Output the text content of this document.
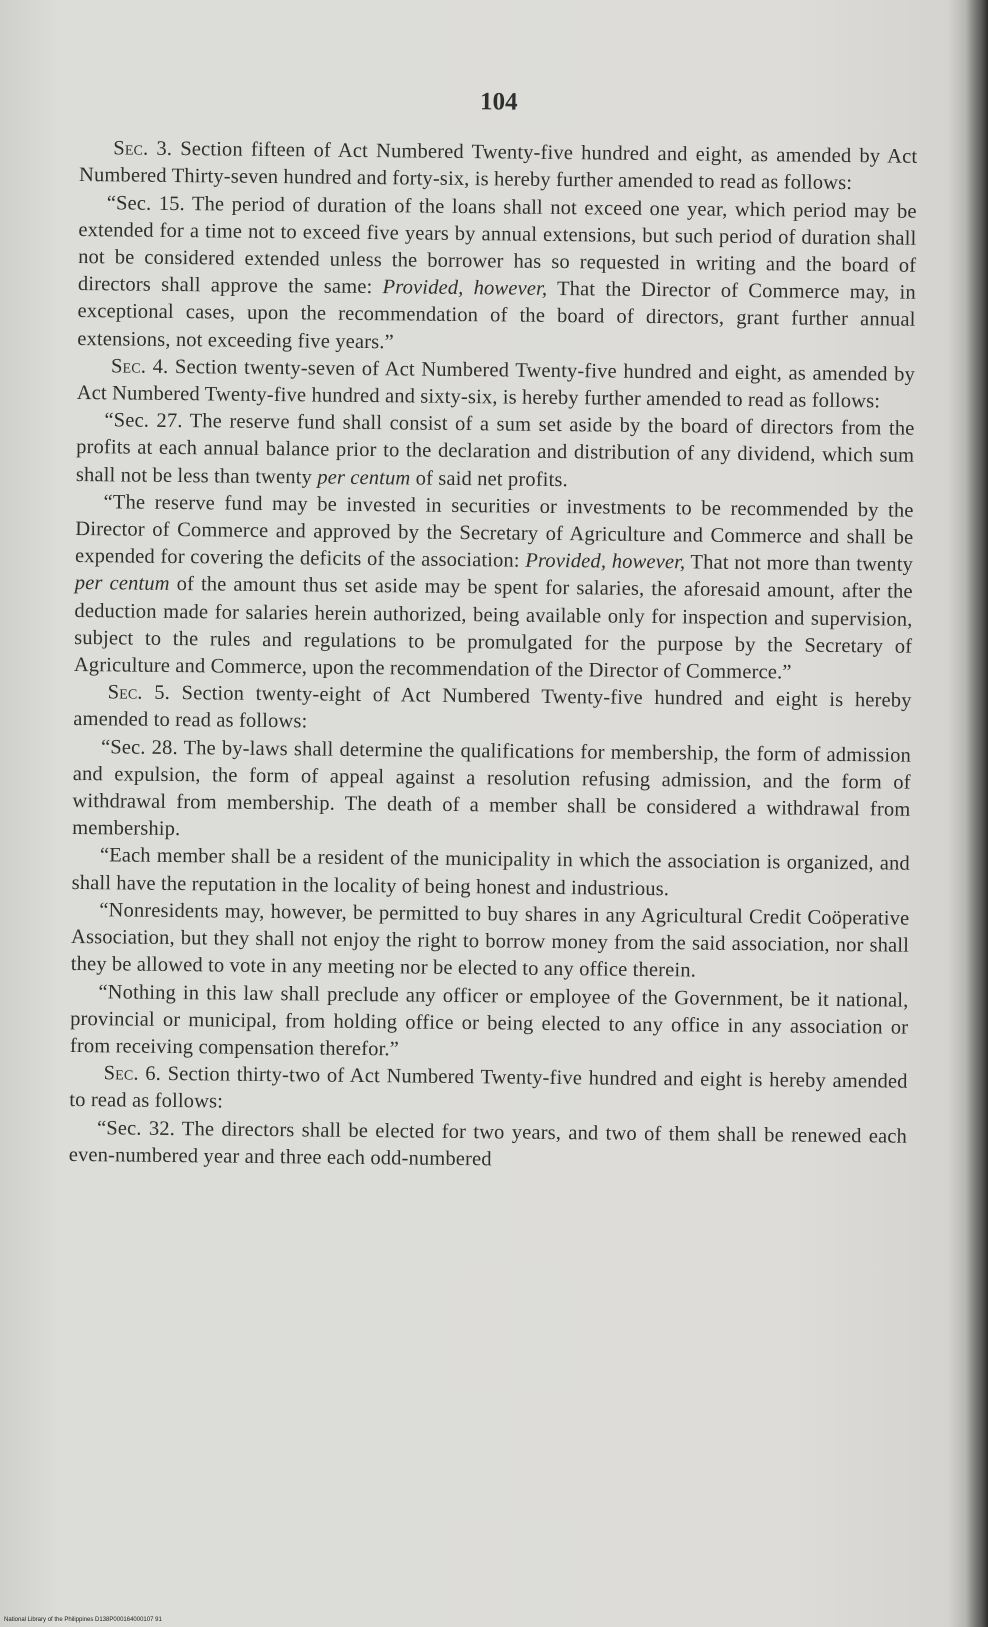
104

Sec. 3. Section fifteen of Act Numbered Twenty-five hundred and eight, as amended by Act Numbered Thirty-seven hundred and forty-six, is hereby further amended to read as follows:

“Sec. 15. The period of duration of the loans shall not exceed one year, which period may be extended for a time not to exceed five years by annual extensions, but such period of duration shall not be considered extended unless the borrower has so requested in writing and the board of directors shall approve the same: Provided, however, That the Director of Commerce may, in exceptional cases, upon the recommendation of the board of directors, grant further annual extensions, not exceeding five years.”

Sec. 4. Section twenty-seven of Act Numbered Twenty-five hundred and eight, as amended by Act Numbered Twenty-five hundred and sixty-six, is hereby further amended to read as follows:

“Sec. 27. The reserve fund shall consist of a sum set aside by the board of directors from the profits at each annual balance prior to the declaration and distribution of any dividend, which sum shall not be less than twenty per centum of said net profits.

“The reserve fund may be invested in securities or investments to be recommended by the Director of Commerce and approved by the Secretary of Agriculture and Commerce and shall be expended for covering the deficits of the association: Provided, however, That not more than twenty per centum of the amount thus set aside may be spent for salaries, the aforesaid amount, after the deduction made for salaries herein authorized, being available only for inspection and supervision, subject to the rules and regulations to be promulgated for the purpose by the Secretary of Agriculture and Commerce, upon the recommendation of the Director of Commerce.”

Sec. 5. Section twenty-eight of Act Numbered Twenty-five hundred and eight is hereby amended to read as follows:

“Sec. 28. The by-laws shall determine the qualifications for membership, the form of admission and expulsion, the form of appeal against a resolution refusing admission, and the form of withdrawal from membership. The death of a member shall be considered a withdrawal from membership.

“Each member shall be a resident of the municipality in which the association is organized, and shall have the reputation in the locality of being honest and industrious.

“Nonresidents may, however, be permitted to buy shares in any Agricultural Credit Coöperative Association, but they shall not enjoy the right to borrow money from the said association, nor shall they be allowed to vote in any meeting nor be elected to any office therein.

“Nothing in this law shall preclude any officer or employee of the Government, be it national, provincial or municipal, from holding office or being elected to any office in any association or from receiving compensation therefor.”

Sec. 6. Section thirty-two of Act Numbered Twenty-five hundred and eight is hereby amended to read as follows:

“Sec. 32. The directors shall be elected for two years, and two of them shall be renewed each even-numbered year and three each odd-numbered

National Library of the Philippines D138P000164000107 91
